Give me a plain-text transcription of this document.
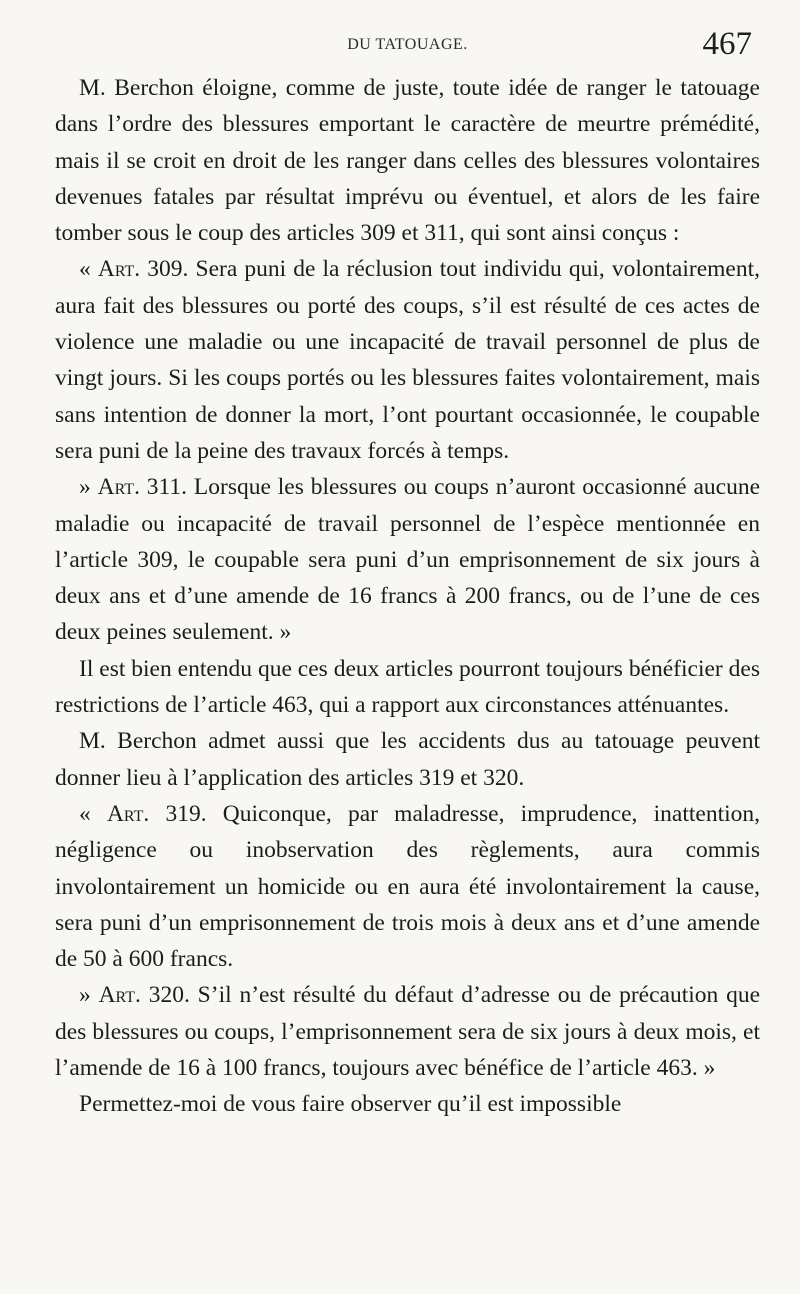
DU TATOUAGE.	467

M. Berchon éloigne, comme de juste, toute idée de ranger le tatouage dans l’ordre des blessures emportant le caractère de meurtre prémédité, mais il se croit en droit de les ranger dans celles des blessures volontaires devenues fatales par résultat imprévu ou éventuel, et alors de les faire tomber sous le coup des articles 309 et 311, qui sont ainsi conçus :

« Art. 309. Sera puni de la réclusion tout individu qui, volontairement, aura fait des blessures ou porté des coups, s’il est résulté de ces actes de violence une maladie ou une incapacité de travail personnel de plus de vingt jours. Si les coups portés ou les blessures faites volontairement, mais sans intention de donner la mort, l’ont pourtant occasionnée, le coupable sera puni de la peine des travaux forcés à temps.

» Art. 311. Lorsque les blessures ou coups n’auront occasionné aucune maladie ou incapacité de travail personnel de l’espèce mentionnée en l’article 309, le coupable sera puni d’un emprisonnement de six jours à deux ans et d’une amende de 16 francs à 200 francs, ou de l’une de ces deux peines seulement. »

Il est bien entendu que ces deux articles pourront toujours bénéficier des restrictions de l’article 463, qui a rapport aux circonstances atténuantes.

M. Berchon admet aussi que les accidents dus au tatouage peuvent donner lieu à l’application des articles 319 et 320.

« Art. 319. Quiconque, par maladresse, imprudence, inattention, négligence ou inobservation des règlements, aura commis involontairement un homicide ou en aura été involontairement la cause, sera puni d’un emprisonnement de trois mois à deux ans et d’une amende de 50 à 600 francs.

» Art. 320. S’il n’est résulté du défaut d’adresse ou de précaution que des blessures ou coups, l’emprisonnement sera de six jours à deux mois, et l’amende de 16 à 100 francs, toujours avec bénéfice de l’article 463. »

Permettez-moi de vous faire observer qu’il est impossible
